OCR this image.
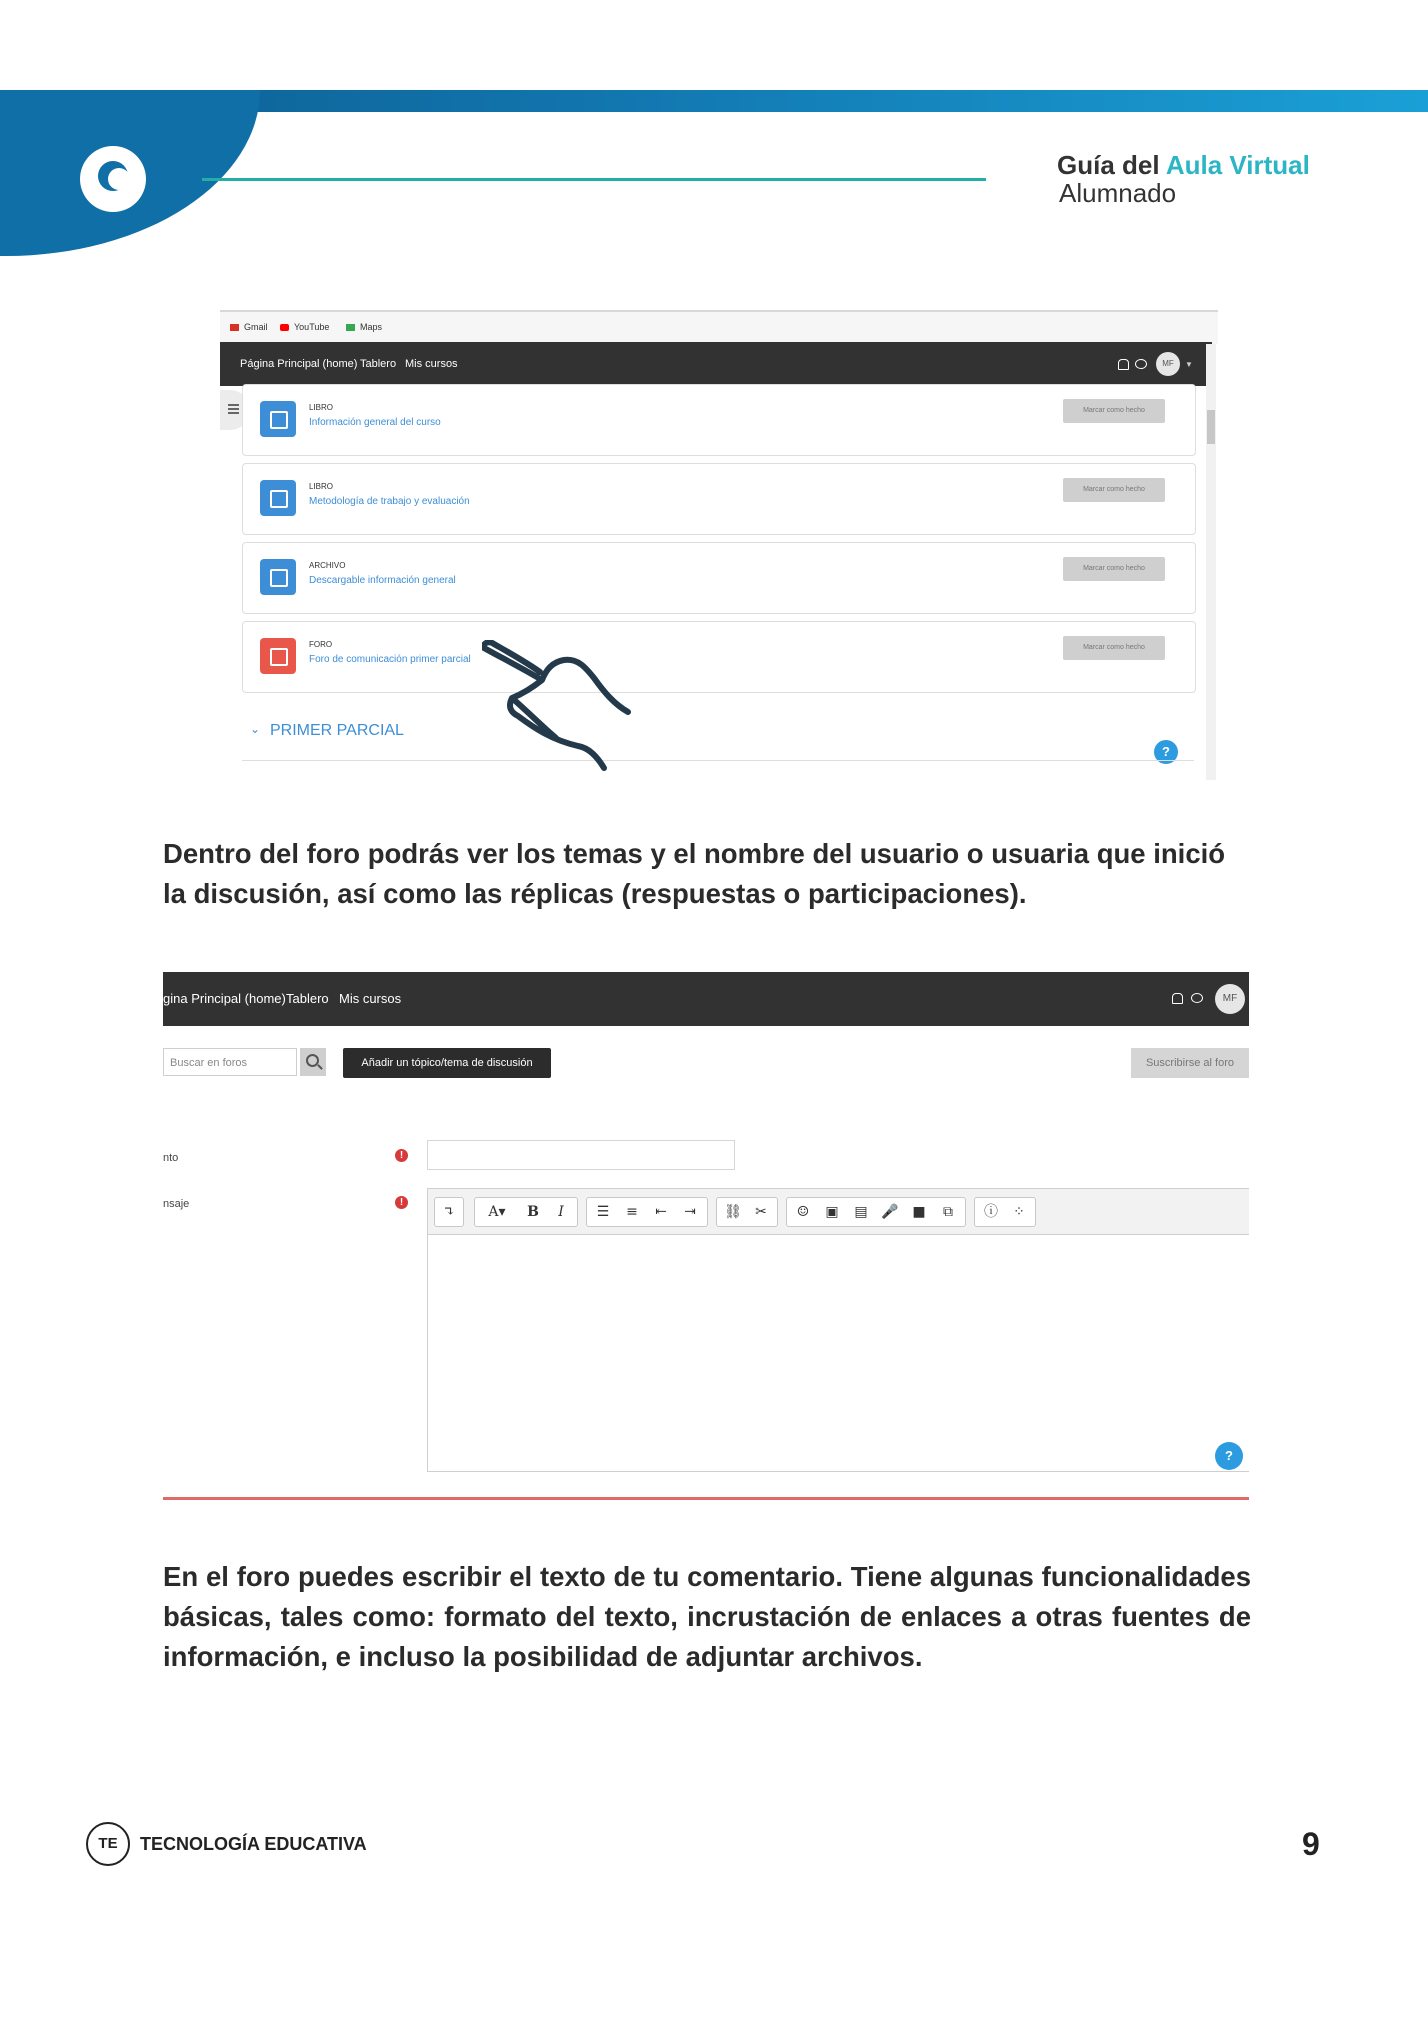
Guía del Aula Virtual
Alumnado
Gmail	YouTube	Maps
Página Principal (home) Tablero Mis cursos	MF	▼
LIBRO
Información general del curso
Marcar como hecho
LIBRO
Metodología de trabajo y evaluación
Marcar como hecho
ARCHIVO
Descargable información general
Marcar como hecho
FORO
Foro de comunicación primer parcial
Marcar como hecho
⌄ PRIMER PARCIAL
?
Dentro del foro podrás ver los temas y el nombre del usuario o usuaria que inició la discusión, así como las réplicas (respuestas o participaciones).
gina Principal (home) Tablero Mis cursos	MF
Buscar en foros	Añadir un tópico/tema de discusión	Suscribirse al foro
nto	!
nsaje	!
↴	A▾	B	I	☰	≡	⇤	⇥	⛓ ✂	☺	▣	▤ 🎤 ■	⧉	ⓘ	⁘
?
En el foro puedes escribir el texto de tu comentario. Tiene algunas funcionalidades básicas, tales como: formato del texto, incrustación de enlaces a otras fuentes de información, e incluso la posibilidad de adjuntar archivos.
TE	TECNOLOGÍA EDUCATIVA	9
